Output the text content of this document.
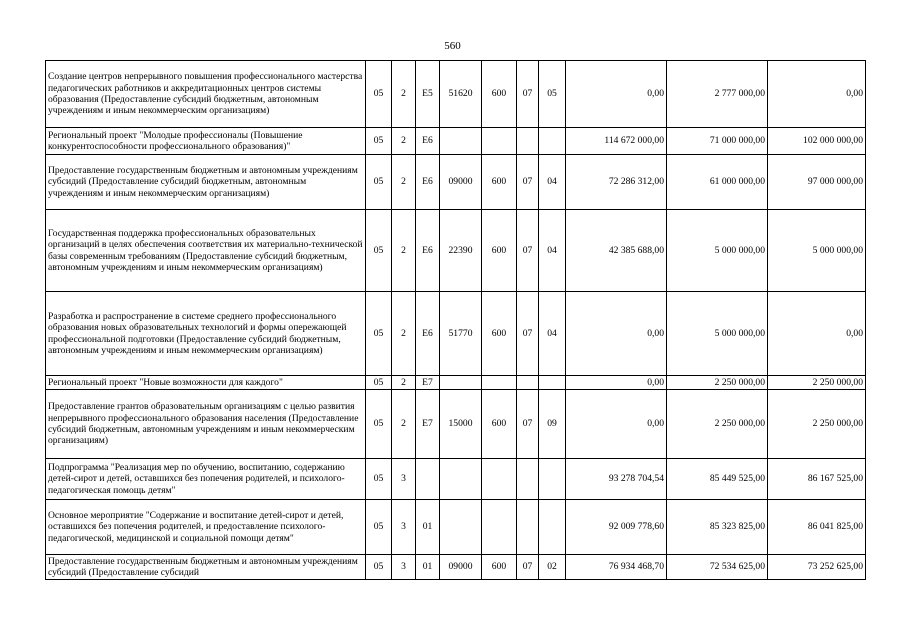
560
Создание центров непрерывного повышения профессионального мастерства педагогических работников и аккредитационных центров системы образования (Предоставление субсидий бюджетным, автономным учреждениям и иным некоммерческим организациям)	05	2	E5	51620	600	07	05	0,00	2 777 000,00	0,00
Региональный проект "Молодые профессионалы (Повышение конкурентоспособности профессионального образования)"	05	2	E6					114 672 000,00	71 000 000,00	102 000 000,00
Предоставление государственным бюджетным и автономным учреждениям субсидий (Предоставление субсидий бюджетным, автономным учреждениям и иным некоммерческим организациям)	05	2	E6	09000	600	07	04	72 286 312,00	61 000 000,00	97 000 000,00
Государственная поддержка профессиональных образовательных организаций в целях обеспечения соответствия их материально-технической базы современным требованиям (Предоставление субсидий бюджетным, автономным учреждениям и иным некоммерческим организациям)	05	2	E6	22390	600	07	04	42 385 688,00	5 000 000,00	5 000 000,00
Разработка и распространение в системе среднего профессионального образования новых образовательных технологий и формы опережающей профессиональной подготовки (Предоставление субсидий бюджетным, автономным учреждениям и иным некоммерческим организациям)	05	2	E6	51770	600	07	04	0,00	5 000 000,00	0,00
Региональный проект "Новые возможности для каждого"	05	2	E7					0,00	2 250 000,00	2 250 000,00
Предоставление грантов образовательным организациям с целью развития непрерывного профессионального образования населения (Предоставление субсидий бюджетным, автономным учреждениям и иным некоммерческим организациям)	05	2	E7	15000	600	07	09	0,00	2 250 000,00	2 250 000,00
Подпрограмма "Реализация мер по обучению, воспитанию, содержанию детей-сирот и детей, оставшихся без попечения родителей, и психолого-педагогическая помощь детям"	05	3						93 278 704,54	85 449 525,00	86 167 525,00
Основное мероприятие "Содержание и воспитание детей-сирот и детей, оставшихся без попечения родителей, и предоставление психолого-педагогической, медицинской и социальной помощи детям"	05	3	01					92 009 778,60	85 323 825,00	86 041 825,00
Предоставление государственным бюджетным и автономным учреждениям субсидий (Предоставление субсидий	05	3	01	09000	600	07	02	76 934 468,70	72 534 625,00	73 252 625,00
